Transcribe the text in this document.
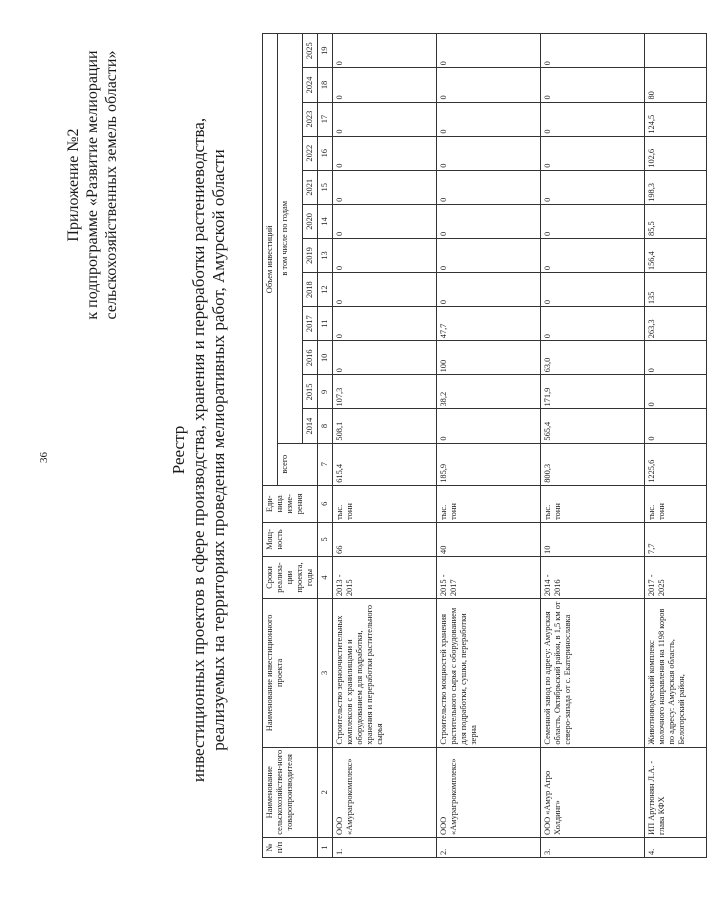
36
Приложение №2 к подпрограмме «Развитие мелиорации сельскохозяйственных земель области»
Реестр инвестиционных проектов в сфере производства, хранения и переработки растениеводства, реализуемых на территориях проведения мелиоративных работ, Амурской области
№ п/п	Наименование сельскохозяйствен-ного товаропроизводителя	Наименование инвестиционного проекта	Сроки реализа-ции проекта, годы	Мощ-ность	Еди-ница изме-рения	Объем инвестиций												
						всего	в том числе по годам											
							2014	2015	2016	2017	2018	2019	2020	2021	2022	2023	2024	2025
1	2	3	4	5	6	7	8	9	10	11	12	13	14	15	16	17	18	19
1.	ООО «Амурагрокомплекс»	Строительство зерноочистительных комплексов с хранилищами и оборудованием для подработки, хранения и переработки растительного сырья	2013 - 2015	66	тыс. тонн	615,4	508,1	107,3	0	0	0	0	0	0	0	0	0	0
2.	ООО «Амурагрокомплекс»	Строительство мощностей хранения растительного сырья с оборудованием для подработки, сушки, переработки зерна	2015 - 2017	40	тыс. тонн	185,9	0	38,2	100	47,7	0	0	0	0	0	0	0	0
3.	ООО «Амур Агро Холдинг»	Семенной завод по адресу: Амурская область, Октябрьский район, в 1,5 км от северо-запада от с. Екатеринославка	2014 - 2016	10	тыс. тонн	800,3	565,4	171,9	63,0	0	0	0	0	0	0	0	0	0
4.	ИП Арутюнян Л.А. - глава КФХ	Животноводческий комплекс молочного направления на 1198 коров по адресу: Амурская область, Белогорский район,	2017 - 2025	7,7	тыс. тонн	1225,6	0	0	0	263,3	135	156,4	85,5	198,3	102,6	124,5	80	
